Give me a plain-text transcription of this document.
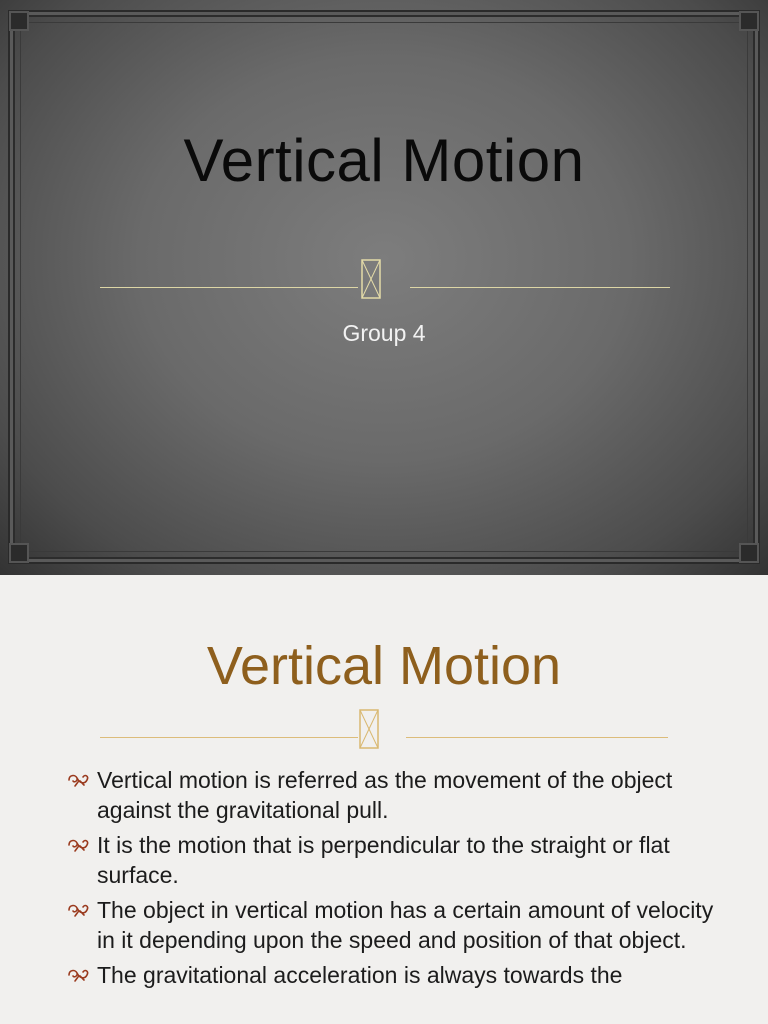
Vertical Motion
Group 4
Vertical Motion
Vertical motion is referred as the movement of the object against the gravitational pull.
It is the motion that is perpendicular to the straight or flat surface.
The object in vertical motion has a certain amount of velocity in it depending upon the speed and position of that object.
The gravitational acceleration is always towards the
